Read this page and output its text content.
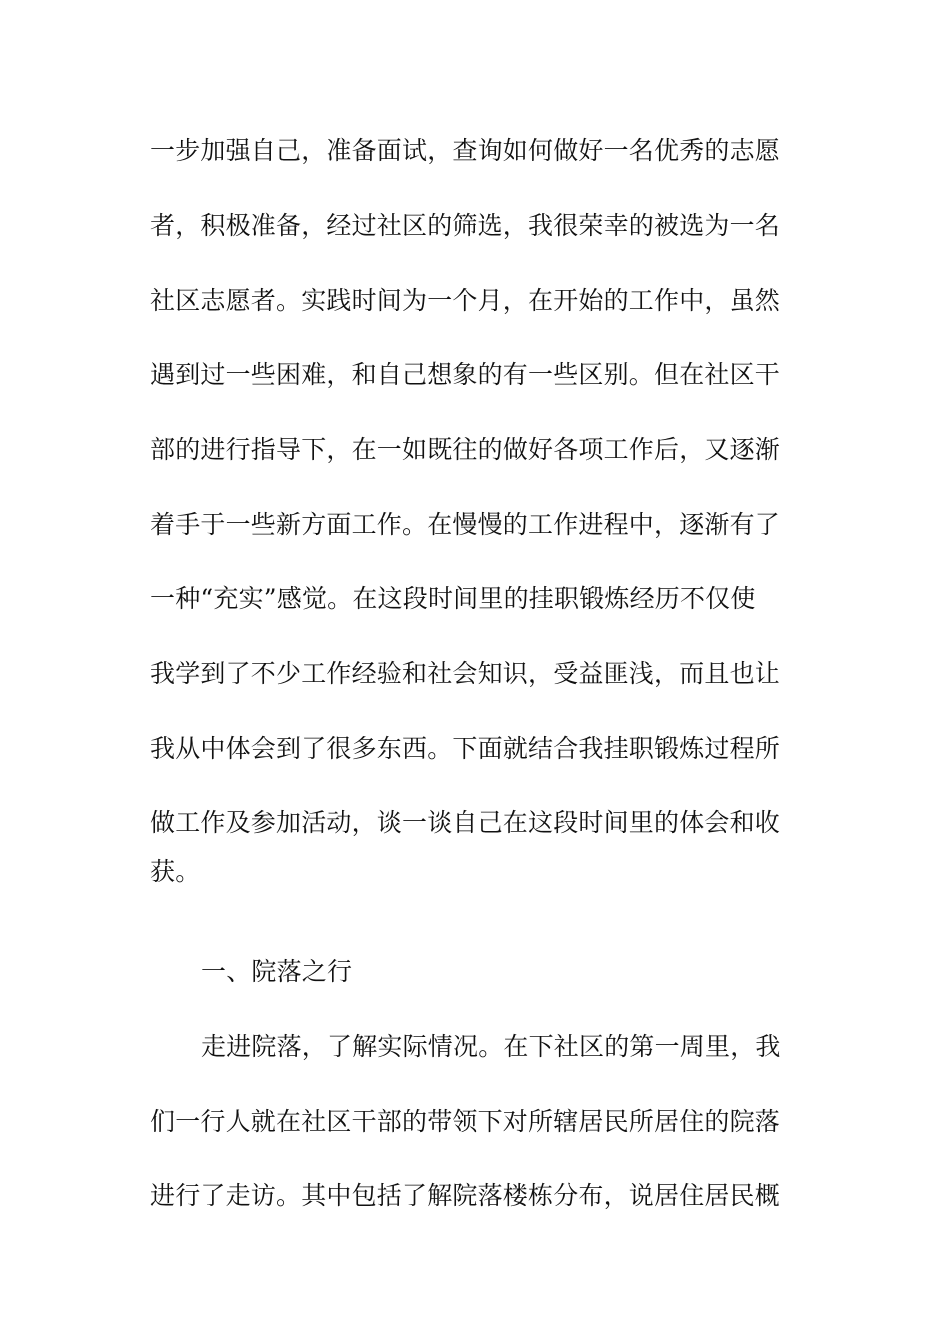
一步加强自己，准备面试，查询如何做好一名优秀的志愿
者，积极准备，经过社区的筛选，我很荣幸的被选为一名
社区志愿者。实践时间为一个月，在开始的工作中，虽然
遇到过一些困难，和自己想象的有一些区别。但在社区干
部的进行指导下，在一如既往的做好各项工作后，又逐渐
着手于一些新方面工作。在慢慢的工作进程中，逐渐有了
一种“充实”感觉。在这段时间里的挂职锻炼经历不仅使
我学到了不少工作经验和社会知识，受益匪浅，而且也让
我从中体会到了很多东西。下面就结合我挂职锻炼过程所
做工作及参加活动，谈一谈自己在这段时间里的体会和收
获。
一、院落之行
走进院落，了解实际情况。在下社区的第一周里，我
们一行人就在社区干部的带领下对所辖居民所居住的院落
进行了走访。其中包括了解院落楼栋分布，说居住居民概
